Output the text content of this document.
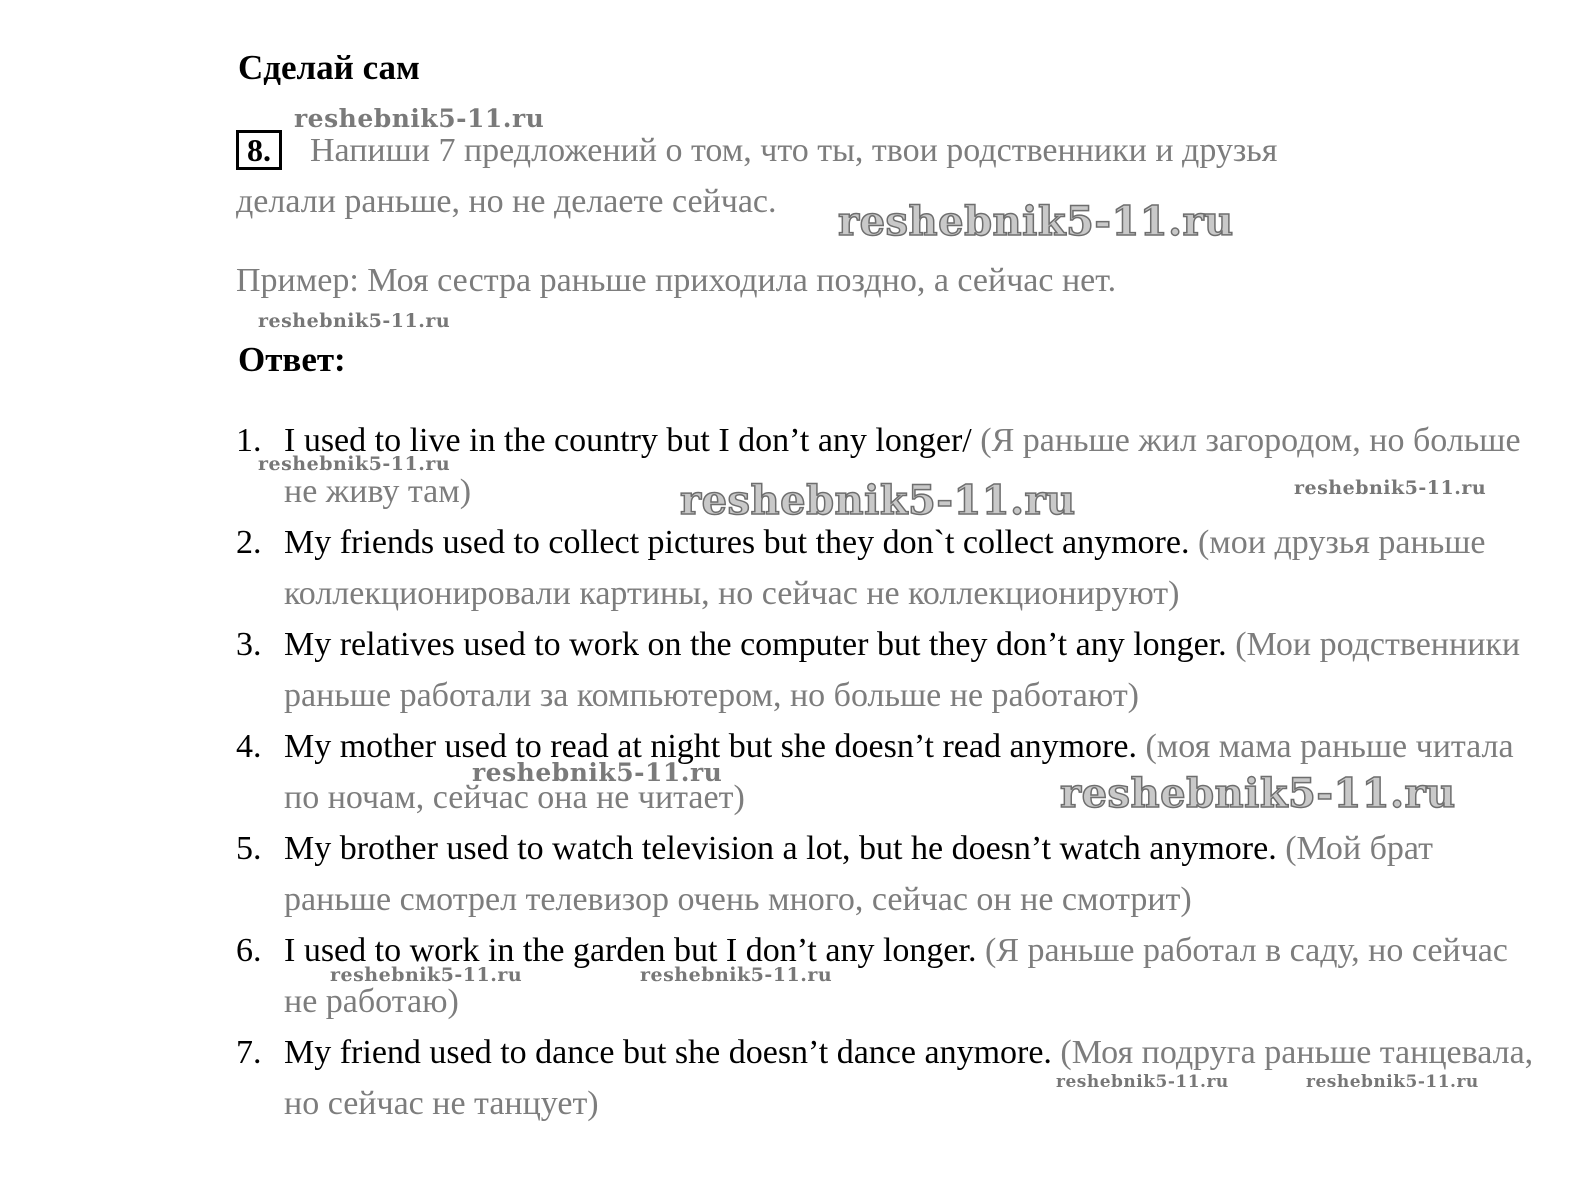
Сделай сам
8.	Напиши 7 предложений о том, что ты, твои родственники и друзья
делали раньше, но не делаете сейчас.
Пример: Моя сестра раньше приходила поздно, а сейчас нет.
Ответ:
1. I used to live in the country but I don’t any longer/ (Я раньше жил загородом, но больше не живу там)
2. My friends used to collect pictures but they don`t collect anymore. (мои друзья раньше коллекционировали картины, но сейчас не коллекционируют)
3. My relatives used to work on the computer but they don’t any longer. (Мои родственники раньше работали за компьютером, но больше не работают)
4. My mother used to read at night but she doesn’t read anymore. (моя мама раньше читала по ночам, сейчас она не читает)
5. My brother used to watch television a lot, but he doesn’t watch anymore. (Мой брат раньше смотрел телевизор очень много, сейчас он не смотрит)
6. I used to work in the garden but I don’t any longer. (Я раньше работал в саду, но сейчас не работаю)
7. My friend used to dance but she doesn’t dance anymore. (Моя подруга раньше танцевала, но сейчас не танцует)
reshebnik5-11.ru
reshebnik5-11.ru
reshebnik5-11.ru
reshebnik5-11.ru
reshebnik5-11.ru	reshebnik5-11.ru
reshebnik5-11.ru	reshebnik5-11.ru
reshebnik5-11.ru	reshebnik5-11.ru
reshebnik5-11.ru	reshebnik5-11.ru
